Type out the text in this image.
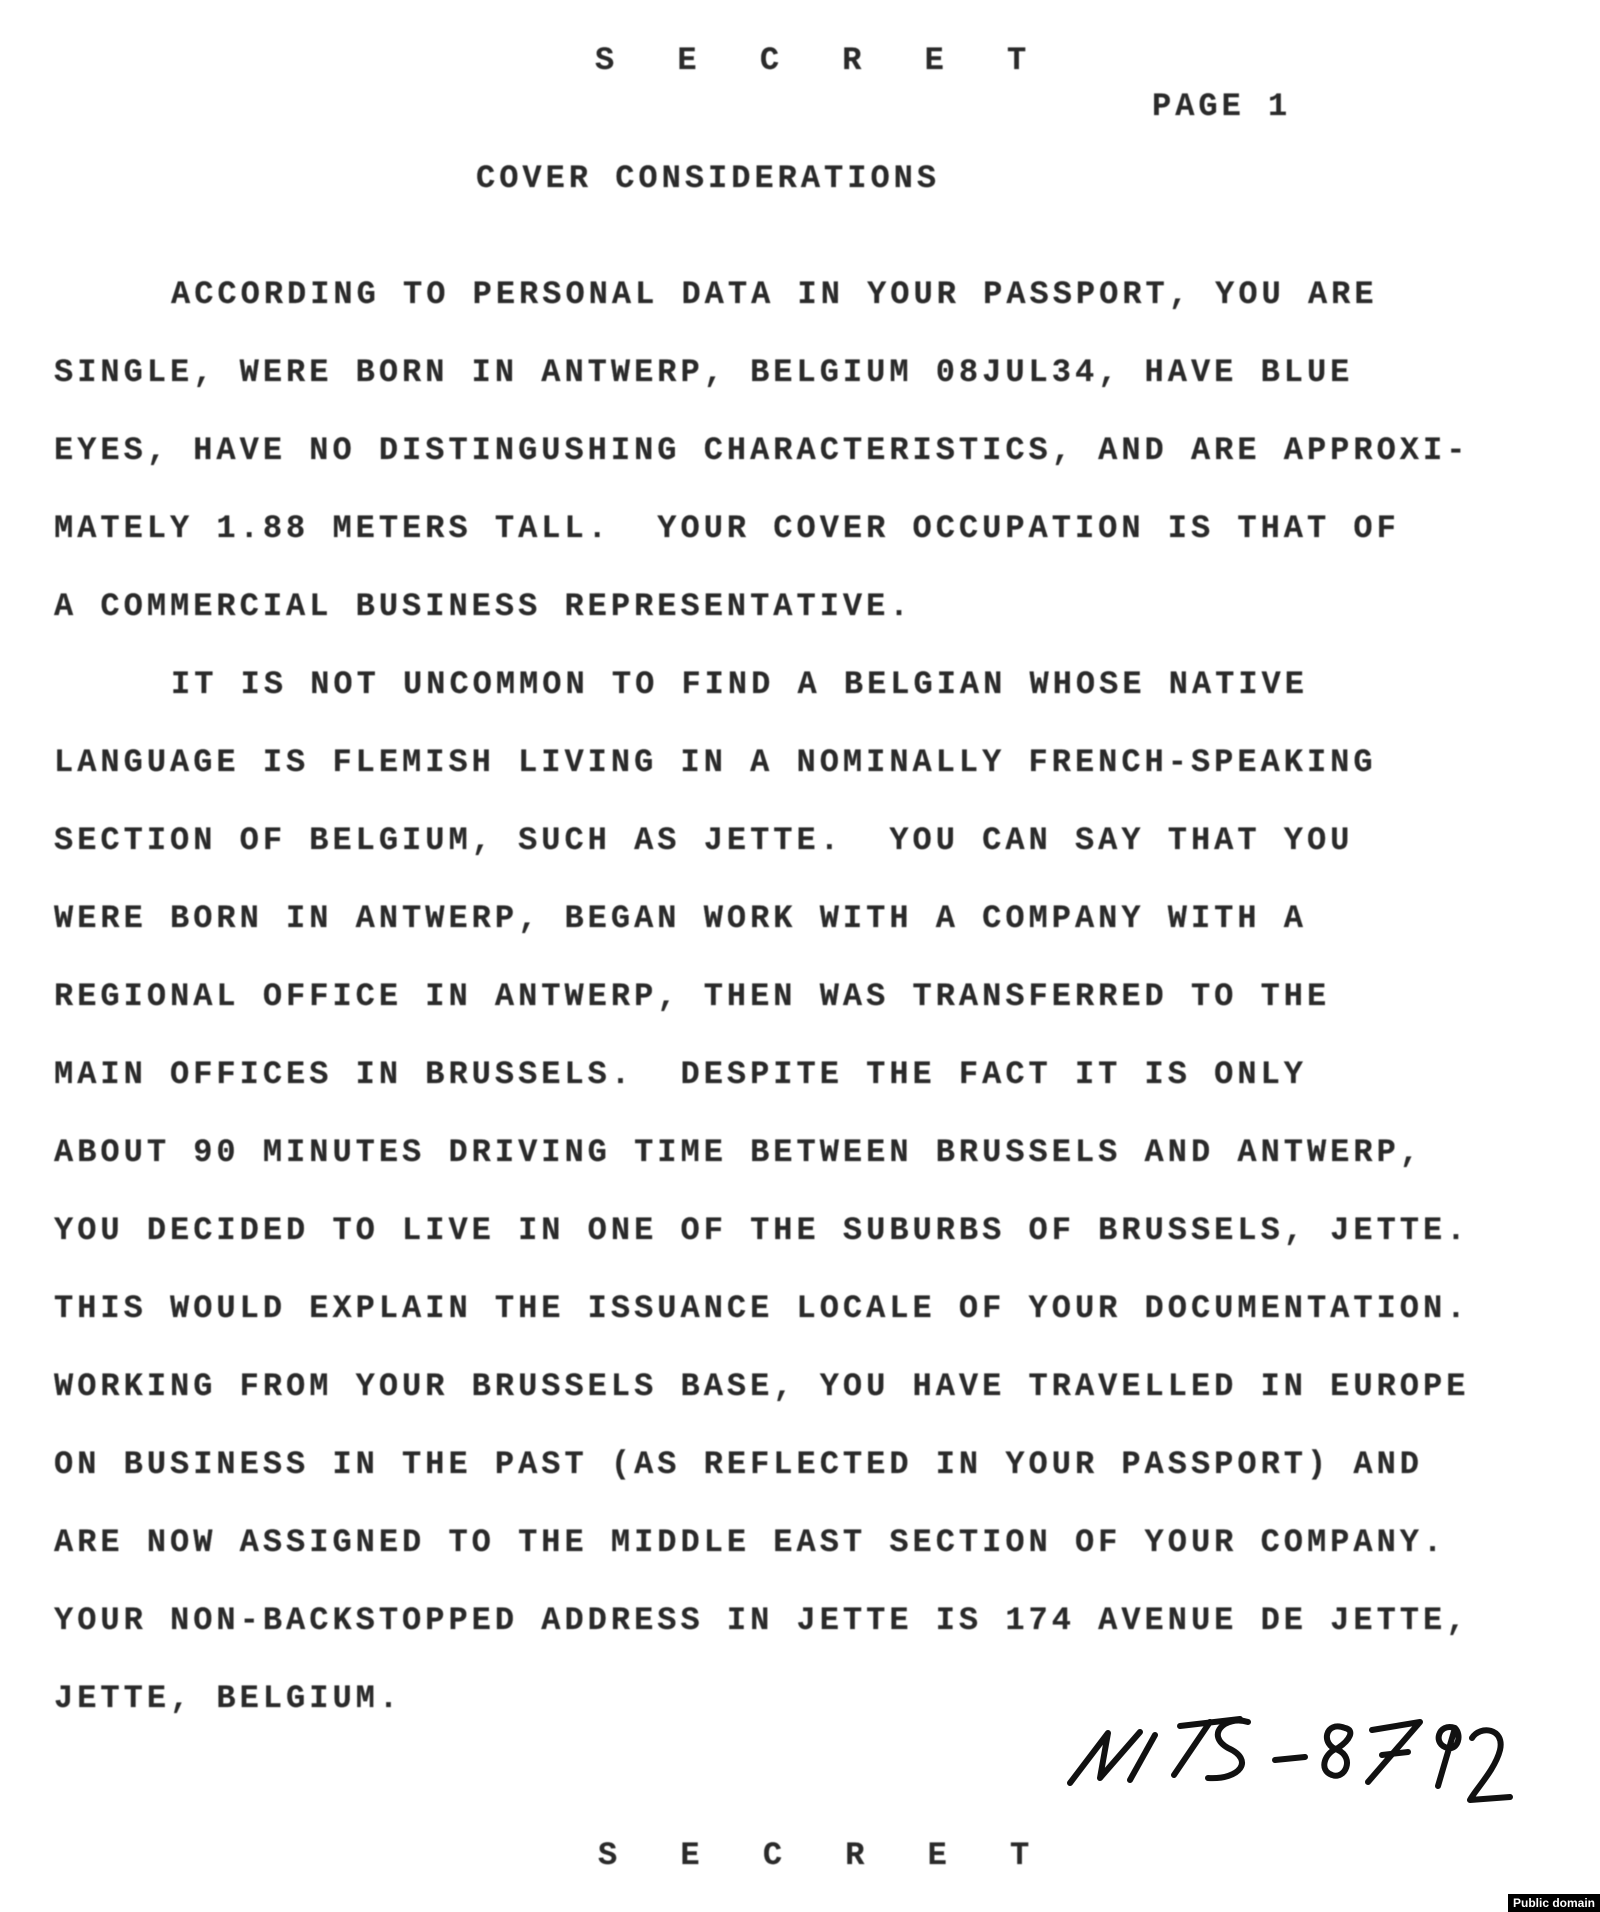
S E C R E T
PAGE 1
COVER CONSIDERATIONS
ACCORDING TO PERSONAL DATA IN YOUR PASSPORT, YOU ARE
SINGLE, WERE BORN IN ANTWERP, BELGIUM 08JUL34, HAVE BLUE
EYES, HAVE NO DISTINGUSHING CHARACTERISTICS, AND ARE APPROXI-
MATELY 1.88 METERS TALL.  YOUR COVER OCCUPATION IS THAT OF
A COMMERCIAL BUSINESS REPRESENTATIVE.
IT IS NOT UNCOMMON TO FIND A BELGIAN WHOSE NATIVE
LANGUAGE IS FLEMISH LIVING IN A NOMINALLY FRENCH-SPEAKING
SECTION OF BELGIUM, SUCH AS JETTE.  YOU CAN SAY THAT YOU
WERE BORN IN ANTWERP, BEGAN WORK WITH A COMPANY WITH A
REGIONAL OFFICE IN ANTWERP, THEN WAS TRANSFERRED TO THE
MAIN OFFICES IN BRUSSELS.  DESPITE THE FACT IT IS ONLY
ABOUT 90 MINUTES DRIVING TIME BETWEEN BRUSSELS AND ANTWERP,
YOU DECIDED TO LIVE IN ONE OF THE SUBURBS OF BRUSSELS, JETTE.
THIS WOULD EXPLAIN THE ISSUANCE LOCALE OF YOUR DOCUMENTATION.
WORKING FROM YOUR BRUSSELS BASE, YOU HAVE TRAVELLED IN EUROPE
ON BUSINESS IN THE PAST (AS REFLECTED IN YOUR PASSPORT) AND
ARE NOW ASSIGNED TO THE MIDDLE EAST SECTION OF YOUR COMPANY.
YOUR NON-BACKSTOPPED ADDRESS IN JETTE IS 174 AVENUE DE JETTE,
JETTE, BELGIUM.
S E C R E T
Public domain
